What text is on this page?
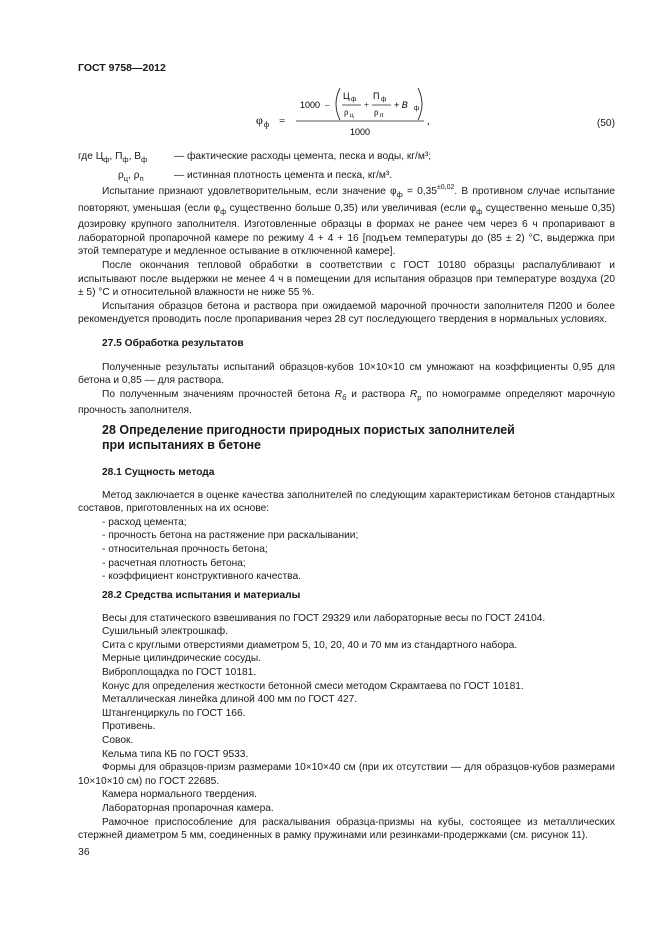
ГОСТ 9758—2012
φ ф =
1000 –
Ц ф
ρ ц
+
П ф
ρ п
+ В ф
1000
,	(50)
где $Ц_ф$, $П_ф$, $В_ф$	— фактические расходы цемента, песка и воды, кг/м³;
$\rho_ц$, $\rho_п$	— истинная плотность цемента и песка, кг/м³.

Испытание признают удовлетворительным, если значение $\varphi_ф = 0,35^{\pm 0,02}$. В противном случае испытание повторяют, уменьшая (если $\varphi_ф$ существенно больше 0,35) или увеличивая (если $\varphi_ф$ существенно меньше 0,35) дозировку крупного заполнителя. Изготовленные образцы в формах не ранее чем через 6 ч пропаривают в лабораторной пропарочной камере по режиму 4 + 4 + 16 [подъем температуры до (85 ± 2) °С, выдержка при этой температуре и медленное остывание в отключенной камере].

После окончания тепловой обработки в соответствии с ГОСТ 10180 образцы распалубливают и испытывают после выдержки не менее 4 ч в помещении для испытания образцов при температуре воздуха (20 ± 5) °С и относительной влажности не ниже 55 %.

Испытания образцов бетона и раствора при ожидаемой марочной прочности заполнителя П200 и более рекомендуется проводить после пропаривания через 28 сут последующего твердения в нормальных условиях.

27.5 Обработка результатов

Полученные результаты испытаний образцов-кубов 10×10×10 см умножают на коэффициенты 0,95 для бетона и 0,85 — для раствора.

По полученным значениям прочностей бетона $R_б$ и раствора $R_р$ по номограмме определяют марочную прочность заполнителя.

28 Определение пригодности природных пористых заполнителей
при испытаниях в бетоне
28.1 Сущность метода

Метод заключается в оценке качества заполнителей по следующим характеристикам бетонов стандартных составов, приготовленных на их основе:

- расход цемента;
- прочность бетона на растяжение при раскалывании;
- относительная прочность бетона;
- расчетная плотность бетона;
- коэффициент конструктивного качества.
28.2 Средства испытания и материалы

Весы для статического взвешивания по ГОСТ 29329 или лабораторные весы по ГОСТ 24104.

Сушильный электрошкаф.

Сита с круглыми отверстиями диаметром 5, 10, 20, 40 и 70 мм из стандартного набора.

Мерные цилиндрические сосуды.

Виброплощадка по ГОСТ 10181.

Конус для определения жесткости бетонной смеси методом Скрамтаева по ГОСТ 10181.

Металлическая линейка длиной 400 мм по ГОСТ 427.

Штангенциркуль по ГОСТ 166.

Противень.

Совок.

Кельма типа КБ по ГОСТ 9533.

Формы для образцов-призм размерами 10×10×40 см (при их отсутствии — для образцов-кубов размерами 10×10×10 см) по ГОСТ 22685.

Камера нормального твердения.

Лабораторная пропарочная камера.

Рамочное приспособление для раскалывания образца-призмы на кубы, состоящее из металлических стержней диаметром 5 мм, соединенных в рамку пружинами или резинками-продержками (см. рисунок 11).

36
